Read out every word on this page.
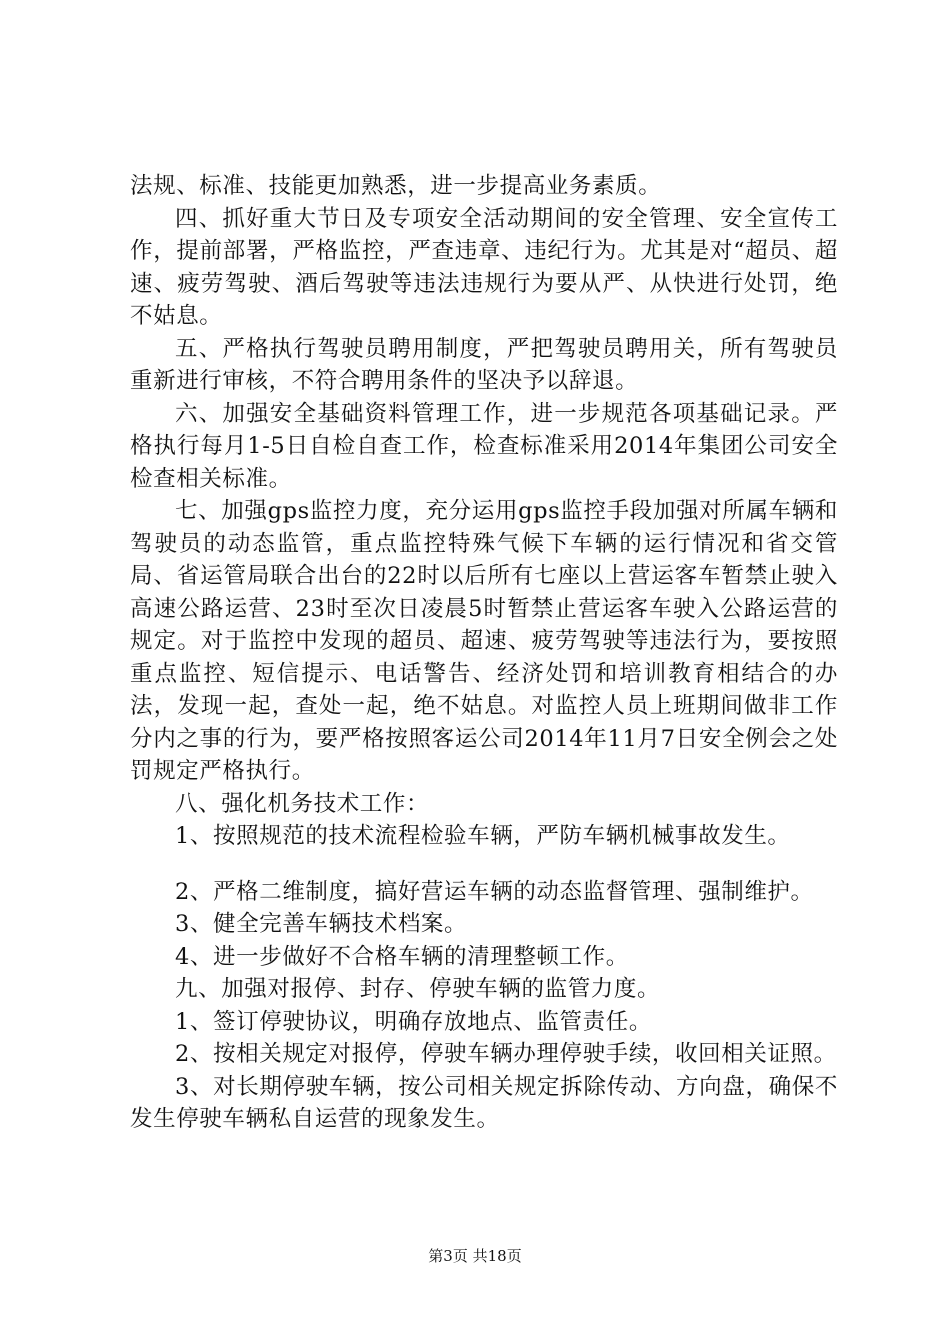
法规、标准、技能更加熟悉，进一步提高业务素质。

四、抓好重大节日及专项安全活动期间的安全管理、安全宣传工作，提前部署，严格监控，严查违章、违纪行为。尤其是对“超员、超速、疲劳驾驶、酒后驾驶等违法违规行为要从严、从快进行处罚，绝不姑息。

五、严格执行驾驶员聘用制度，严把驾驶员聘用关，所有驾驶员重新进行审核，不符合聘用条件的坚决予以辞退。

六、加强安全基础资料管理工作，进一步规范各项基础记录。严格执行每月1-5日自检自查工作，检查标准采用2014年集团公司安全检查相关标准。

七、加强gps监控力度，充分运用gps监控手段加强对所属车辆和驾驶员的动态监管，重点监控特殊气候下车辆的运行情况和省交管局、省运管局联合出台的22时以后所有七座以上营运客车暂禁止驶入高速公路运营、23时至次日凌晨5时暂禁止营运客车驶入公路运营的规定。对于监控中发现的超员、超速、疲劳驾驶等违法行为，要按照重点监控、短信提示、电话警告、经济处罚和培训教育相结合的办法，发现一起，查处一起，绝不姑息。对监控人员上班期间做非工作分内之事的行为，要严格按照客运公司2014年11月7日安全例会之处罚规定严格执行。

八、强化机务技术工作：

1、按照规范的技术流程检验车辆，严防车辆机械事故发生。

2、严格二维制度，搞好营运车辆的动态监督管理、强制维护。

3、健全完善车辆技术档案。

4、进一步做好不合格车辆的清理整顿工作。

九、加强对报停、封存、停驶车辆的监管力度。

1、签订停驶协议，明确存放地点、监管责任。

2、按相关规定对报停，停驶车辆办理停驶手续，收回相关证照。

3、对长期停驶车辆，按公司相关规定拆除传动、方向盘，确保不发生停驶车辆私自运营的现象发生。

第3页 共18页
